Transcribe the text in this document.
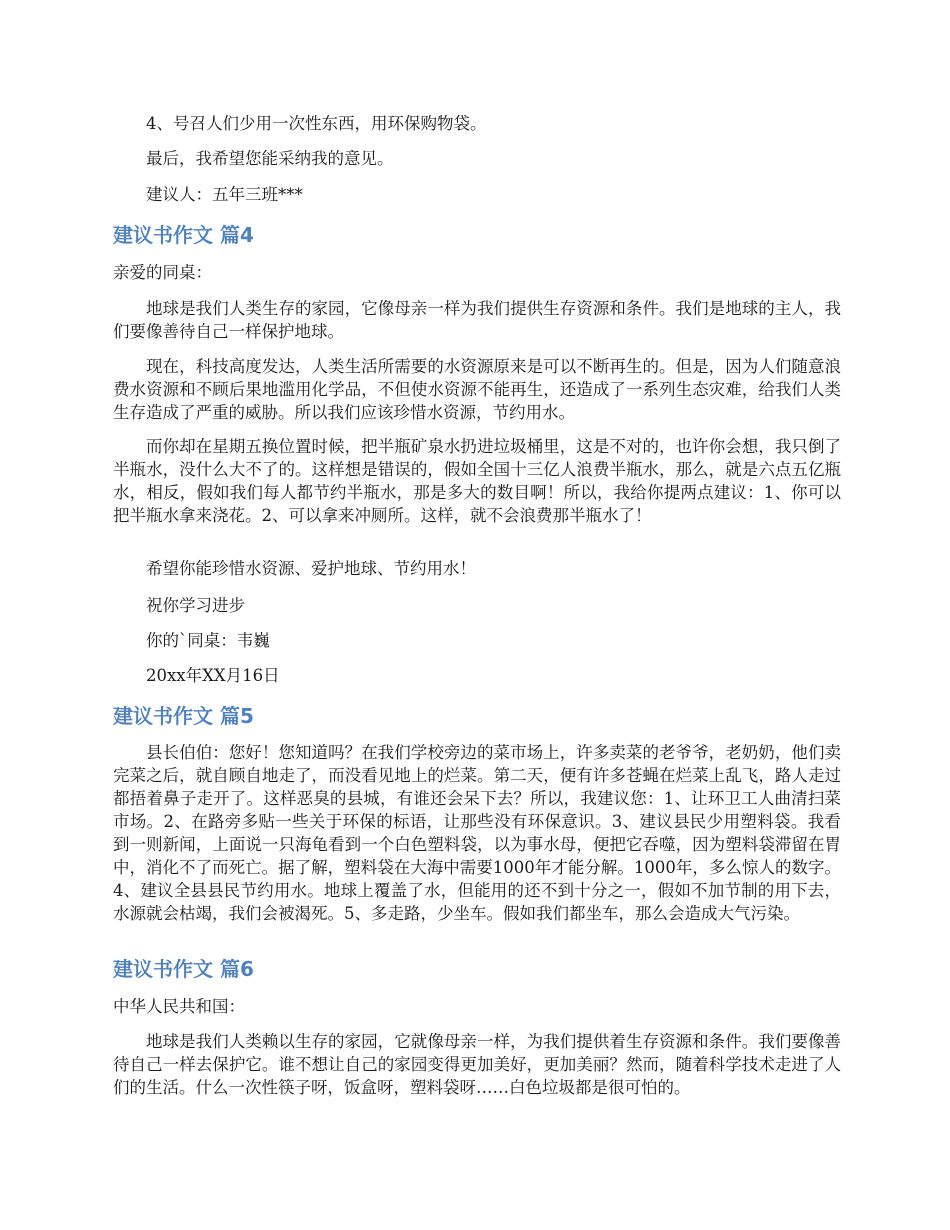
4、号召人们少用一次性东西，用环保购物袋。

最后，我希望您能采纳我的意见。

建议人：五年三班***

建议书作文 篇4

亲爱的同桌：

地球是我们人类生存的家园，它像母亲一样为我们提供生存资源和条件。我们是地球的主人，我们要像善待自己一样保护地球。

现在，科技高度发达，人类生活所需要的水资源原来是可以不断再生的。但是，因为人们随意浪费水资源和不顾后果地滥用化学品，不但使水资源不能再生，还造成了一系列生态灾难，给我们人类生存造成了严重的威胁。所以我们应该珍惜水资源，节约用水。

而你却在星期五换位置时候，把半瓶矿泉水扔进垃圾桶里，这是不对的，也许你会想，我只倒了半瓶水，没什么大不了的。这样想是错误的，假如全国十三亿人浪费半瓶水，那么，就是六点五亿瓶水，相反，假如我们每人都节约半瓶水，那是多大的数目啊！所以，我给你提两点建议：1、你可以把半瓶水拿来浇花。2、可以拿来冲厕所。这样，就不会浪费那半瓶水了！

希望你能珍惜水资源、爱护地球、节约用水！

祝你学习进步

你的`同桌：韦巍

20xx年XX月16日

建议书作文 篇5

县长伯伯：您好！您知道吗？在我们学校旁边的菜市场上，许多卖菜的老爷爷，老奶奶，他们卖完菜之后，就自顾自地走了，而没看见地上的烂菜。第二天，便有许多苍蝇在烂菜上乱飞，路人走过都捂着鼻子走开了。这样恶臭的县城，有谁还会呆下去？所以，我建议您：1、让环卫工人曲清扫菜市场。2、在路旁多贴一些关于环保的标语，让那些没有环保意识。3、建议县民少用塑料袋。我看到一则新闻，上面说一只海龟看到一个白色塑料袋，以为事水母，便把它吞噬，因为塑料袋滞留在胃中，消化不了而死亡。据了解，塑料袋在大海中需要1000年才能分解。1000年，多么惊人的数字。4、建议全县县民节约用水。地球上覆盖了水，但能用的还不到十分之一，假如不加节制的用下去，水源就会枯竭，我们会被渴死。5、多走路，少坐车。假如我们都坐车，那么会造成大气污染。

建议书作文 篇6

中华人民共和国：

地球是我们人类赖以生存的家园，它就像母亲一样，为我们提供着生存资源和条件。我们要像善待自己一样去保护它。谁不想让自己的家园变得更加美好，更加美丽？然而，随着科学技术走进了人们的生活。什么一次性筷子呀，饭盒呀，塑料袋呀……白色垃圾都是很可怕的。
